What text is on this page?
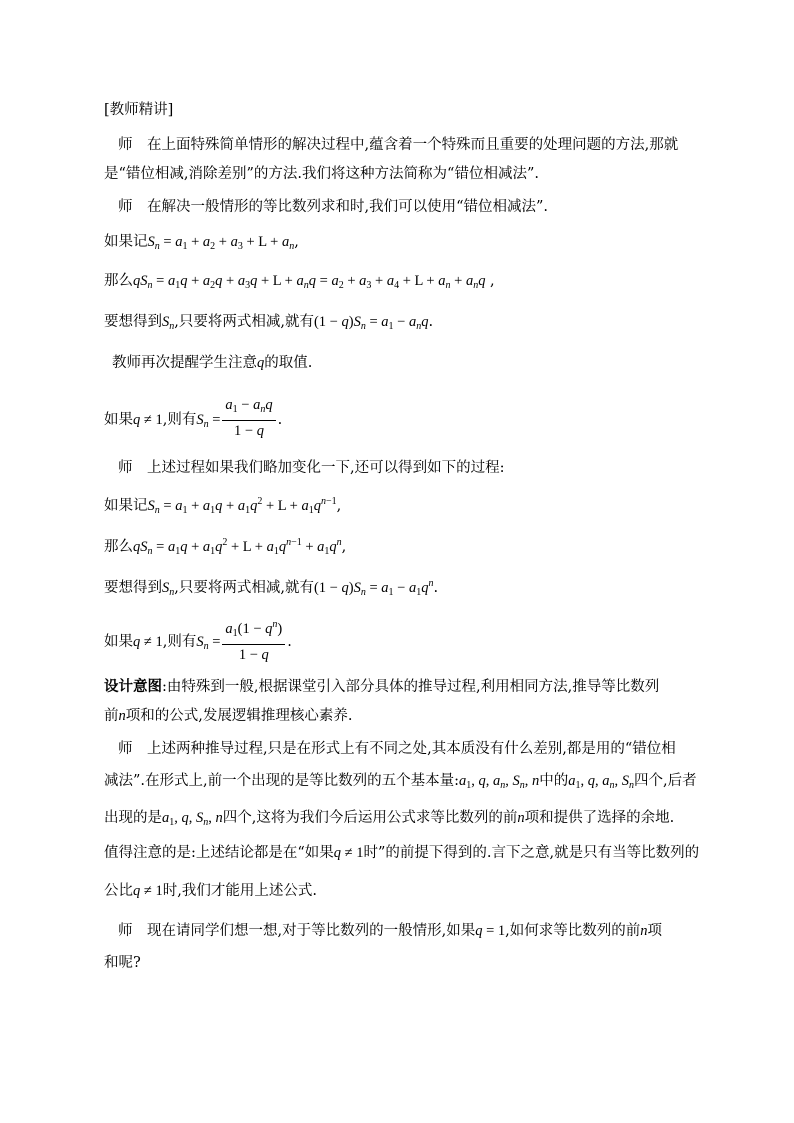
[教师精讲]
师　在上面特殊简单情形的解决过程中,蕴含着一个特殊而且重要的处理问题的方法,那就
是“错位相减,消除差别”的方法.我们将这种方法简称为“错位相减法”.
师　在解决一般情形的等比数列求和时,我们可以使用“错位相减法”.
如果记$S_n = a_1 + a_2 + a_3 + L + a_n$,
那么$qS_n = a_1q + a_2q + a_3q + L + a_nq = a_2 + a_3 + a_4 + L + a_n + a_nq$ ,
要想得到$S_n$,只要将两式相减,就有$(1 - q)S_n = a_1 - a_nq$.
教师再次提醒学生注意q的取值.
如果q ≠ 1,则有$S_n = \frac{a_1 - a_nq}{1 - q}$ .
师　上述过程如果我们略加变化一下,还可以得到如下的过程:
如果记$S_n = a_1 + a_1q + a_1q^2 + L + a_1q^{n-1}$,
那么$qS_n = a_1q + a_1q^2 + L + a_1q^{n-1} + a_1q^n$,
要想得到$S_n$,只要将两式相减,就有$(1 - q)S_n = a_1 - a_1q^n$.
如果q ≠ 1,则有$S_n = \frac{a_1(1 - q^n)}{1 - q}$ .
设计意图:由特殊到一般,根据课堂引入部分具体的推导过程,利用相同方法,推导等比数列
前n项和的公式,发展逻辑推理核心素养.
师　上述两种推导过程,只是在形式上有不同之处,其本质没有什么差别,都是用的“错位相
减法”.在形式上,前一个出现的是等比数列的五个基本量$:a_1$, q, $a_n$, $S_n$, n中的$a_1$, q, $a_n$, $S_n$四个,后者
出现的是$a_1$, q, $S_n$, n四个,这将为我们今后运用公式求等比数列的前n项和提供了选择的余地.
值得注意的是:上述结论都是在“如果q ≠ 1时”的前提下得到的.言下之意,就是只有当等比数列的
公比q ≠ 1时,我们才能用上述公式.
师　现在请同学们想一想,对于等比数列的一般情形,如果q = 1,如何求等比数列的前n项
和呢?
